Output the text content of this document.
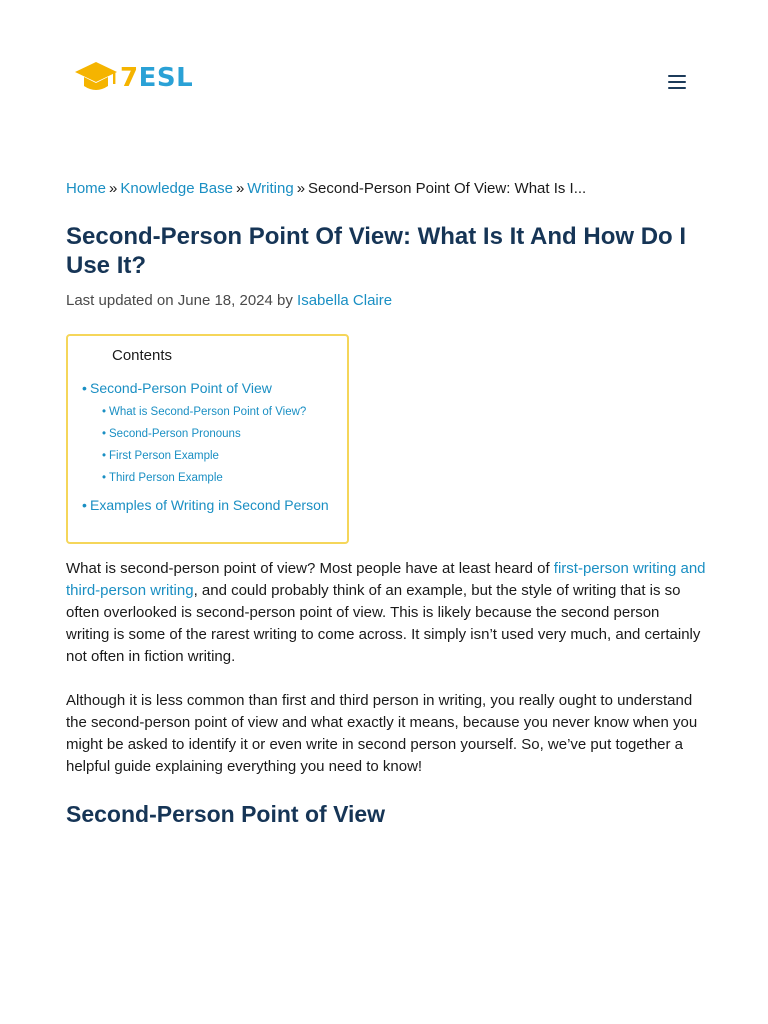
7ESL
Home » Knowledge Base » Writing » Second-Person Point Of View: What Is I...
Second-Person Point Of View: What Is It And How Do I Use It?
Last updated on June 18, 2024 by Isabella Claire
Contents
• Second-Person Point of View
• What is Second-Person Point of View?
• Second-Person Pronouns
• First Person Example
• Third Person Example
• Examples of Writing in Second Person

What is second-person point of view? Most people have at least heard of first-person writing and third-person writing, and could probably think of an example, but the style of writing that is so often overlooked is second-person point of view. This is likely because the second person writing is some of the rarest writing to come across. It simply isn’t used very much, and certainly not often in fiction writing.

Although it is less common than first and third person in writing, you really ought to understand the second-person point of view and what exactly it means, because you never know when you might be asked to identify it or even write in second person yourself. So, we’ve put together a helpful guide explaining everything you need to know!

Second-Person Point of View
